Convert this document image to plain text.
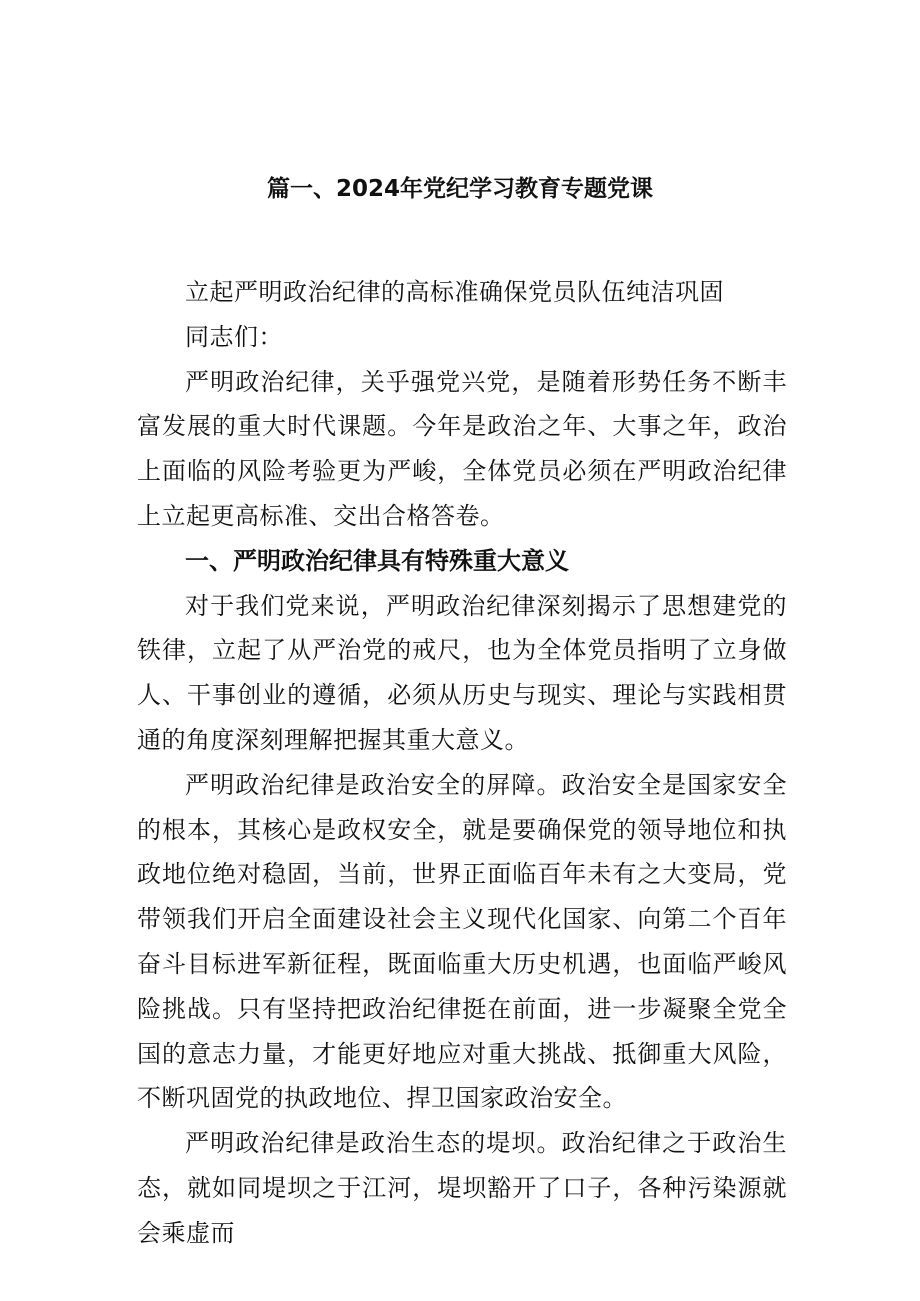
篇一、2024年党纪学习教育专题党课

立起严明政治纪律的高标准确保党员队伍纯洁巩固

同志们：

严明政治纪律，关乎强党兴党，是随着形势任务不断丰富发展的重大时代课题。今年是政治之年、大事之年，政治上面临的风险考验更为严峻，全体党员必须在严明政治纪律上立起更高标准、交出合格答卷。

一、严明政治纪律具有特殊重大意义

对于我们党来说，严明政治纪律深刻揭示了思想建党的铁律，立起了从严治党的戒尺，也为全体党员指明了立身做人、干事创业的遵循，必须从历史与现实、理论与实践相贯通的角度深刻理解把握其重大意义。

严明政治纪律是政治安全的屏障。政治安全是国家安全的根本，其核心是政权安全，就是要确保党的领导地位和执政地位绝对稳固，当前，世界正面临百年未有之大变局，党带领我们开启全面建设社会主义现代化国家、向第二个百年奋斗目标进军新征程，既面临重大历史机遇，也面临严峻风险挑战。只有坚持把政治纪律挺在前面，进一步凝聚全党全国的意志力量，才能更好地应对重大挑战、抵御重大风险，不断巩固党的执政地位、捍卫国家政治安全。

严明政治纪律是政治生态的堤坝。政治纪律之于政治生态，就如同堤坝之于江河，堤坝豁开了口子，各种污染源就会乘虚而
